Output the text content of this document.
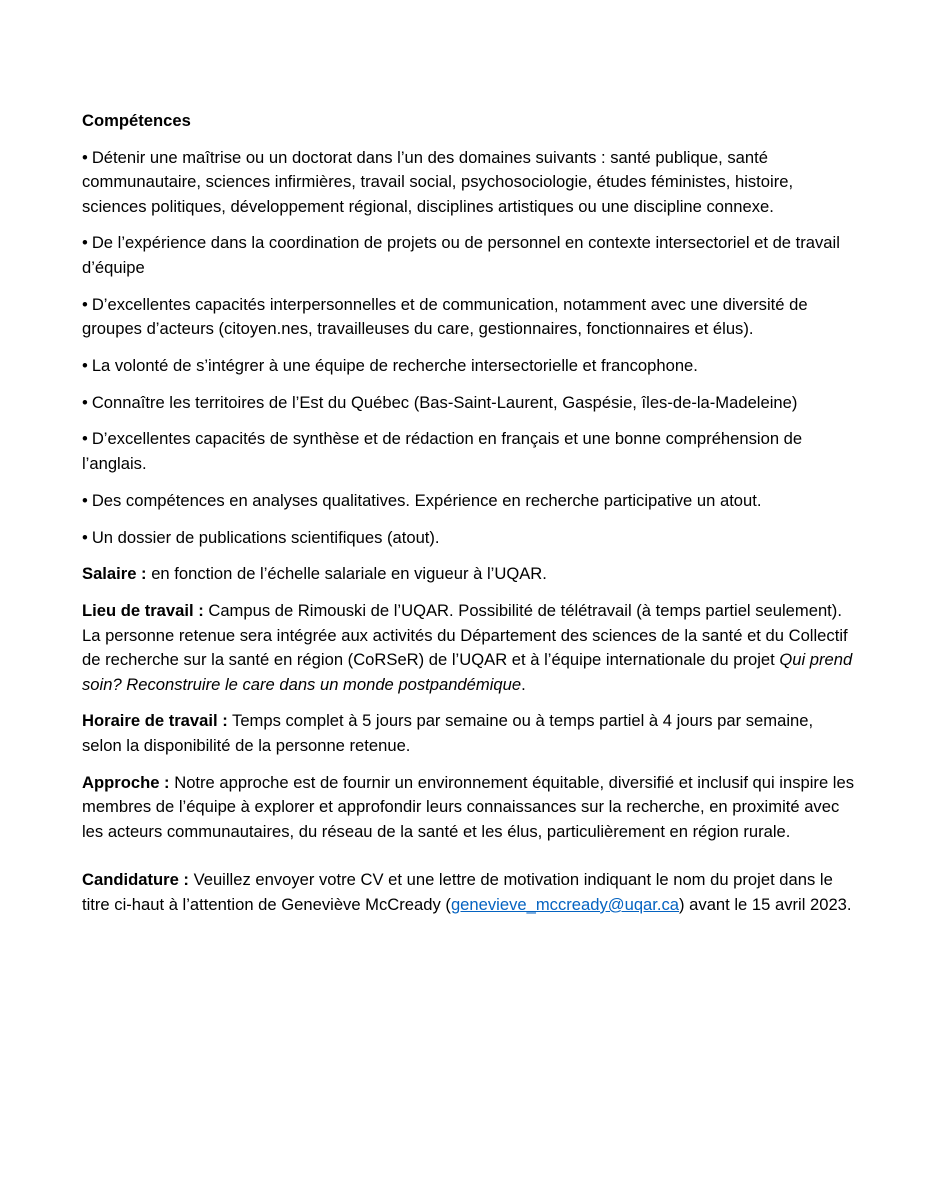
Compétences
• Détenir une maîtrise ou un doctorat dans l’un des domaines suivants : santé publique, santé communautaire, sciences infirmières, travail social, psychosociologie, études féministes, histoire, sciences politiques, développement régional, disciplines artistiques ou une discipline connexe.
• De l’expérience dans la coordination de projets ou de personnel en contexte intersectoriel et de travail d’équipe
• D’excellentes capacités interpersonnelles et de communication, notamment avec une diversité de groupes d’acteurs (citoyen.nes, travailleuses du care, gestionnaires, fonctionnaires et élus).
• La volonté de s’intégrer à une équipe de recherche intersectorielle et francophone.
• Connaître les territoires de l’Est du Québec (Bas-Saint-Laurent, Gaspésie, îles-de-la-Madeleine)
• D’excellentes capacités de synthèse et de rédaction en français et une bonne compréhension de l’anglais.
• Des compétences en analyses qualitatives. Expérience en recherche participative un atout.
• Un dossier de publications scientifiques (atout).

Salaire : en fonction de l’échelle salariale en vigueur à l’UQAR.

Lieu de travail : Campus de Rimouski de l’UQAR. Possibilité de télétravail (à temps partiel seulement). La personne retenue sera intégrée aux activités du Département des sciences de la santé et du Collectif de recherche sur la santé en région (CoRSeR) de l’UQAR et à l’équipe internationale du projet Qui prend soin? Reconstruire le care dans un monde postpandémique.

Horaire de travail : Temps complet à 5 jours par semaine ou à temps partiel à 4 jours par semaine, selon la disponibilité de la personne retenue.

Approche : Notre approche est de fournir un environnement équitable, diversifié et inclusif qui inspire les membres de l’équipe à explorer et approfondir leurs connaissances sur la recherche, en proximité avec les acteurs communautaires, du réseau de la santé et les élus, particulièrement en région rurale.

Candidature : Veuillez envoyer votre CV et une lettre de motivation indiquant le nom du projet dans le titre ci-haut à l’attention de Geneviève McCready (genevieve_mccready@uqar.ca) avant le 15 avril 2023.
